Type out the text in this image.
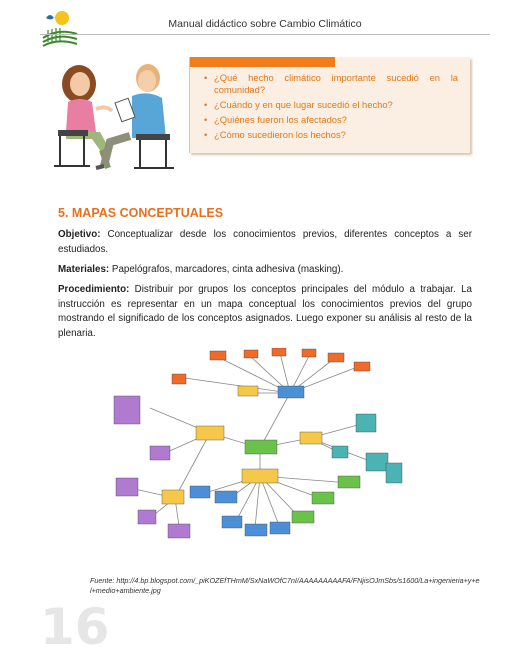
Manual didáctico sobre Cambio Climático
• ¿Qué hecho climático importante sucedió en la comunidad?
• ¿Cuándo y en que lugar sucedió el hecho?
• ¿Quiénes fueron los afectados?
• ¿Cómo sucedieron los hechos?
5. MAPAS CONCEPTUALES
Objetivo: Conceptualizar desde los conocimientos previos, diferentes conceptos a ser estudiados.
Materiales: Papelógrafos, marcadores, cinta adhesiva (masking).
Procedimiento: Distribuir por grupos los conceptos principales del módulo a trabajar. La instrucción es representar en un mapa conceptual los conocimientos previos del grupo mostrando el significado de los conceptos asignados. Luego exponer su análisis al resto de la plenaria.
Fuente: http://4.bp.blogspot.com/_piKOZEfTHmM/SxNaWOfC7nI/AAAAAAAAAFA/FNjisOJmSbs/s1600/La+ingenieria+y+el+medio+ambiente.jpg
16
